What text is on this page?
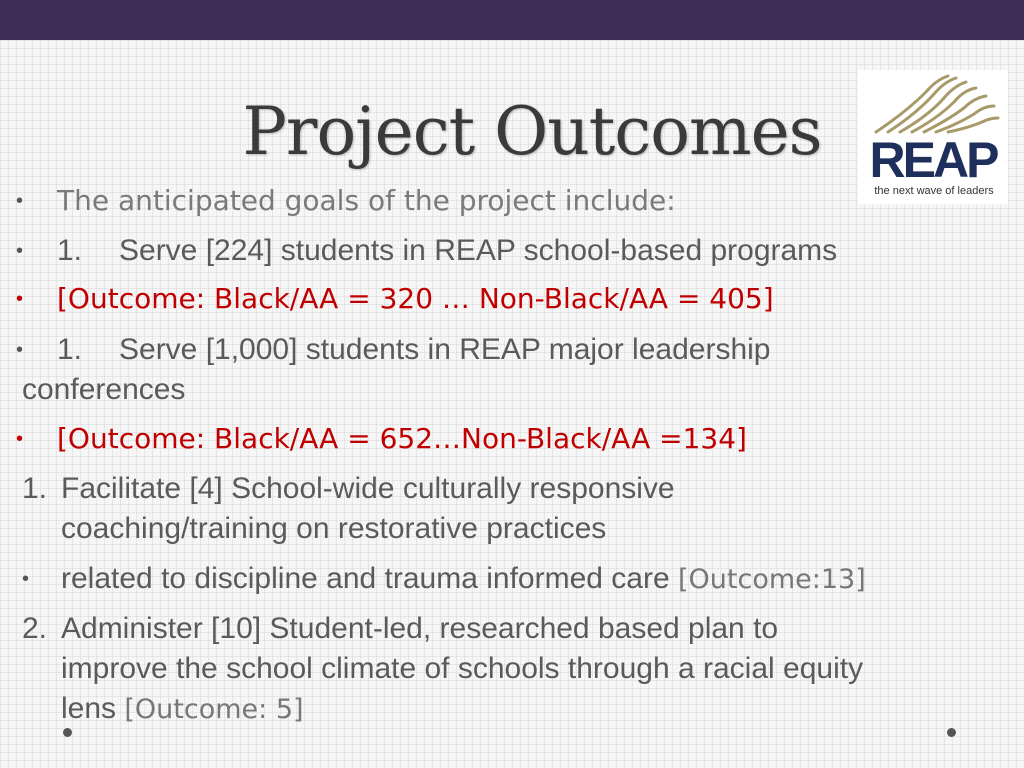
Project Outcomes REAP
the next wave of leaders
• The anticipated goals of the project include:
• 1. Serve [224] students in REAP school-based programs
• [Outcome: Black/AA = 320 … Non-Black/AA = 405]
• 1. Serve [1,000] students in REAP major leadership
conferences
• [Outcome: Black/AA = 652…Non-Black/AA =134]
1. Facilitate [4] School-wide culturally responsive
coaching/training on restorative practices
• related to discipline and trauma informed care [Outcome:13]
2. Administer [10] Student-led, researched based plan to
improve the school climate of schools through a racial equity
lens [Outcome: 5]
